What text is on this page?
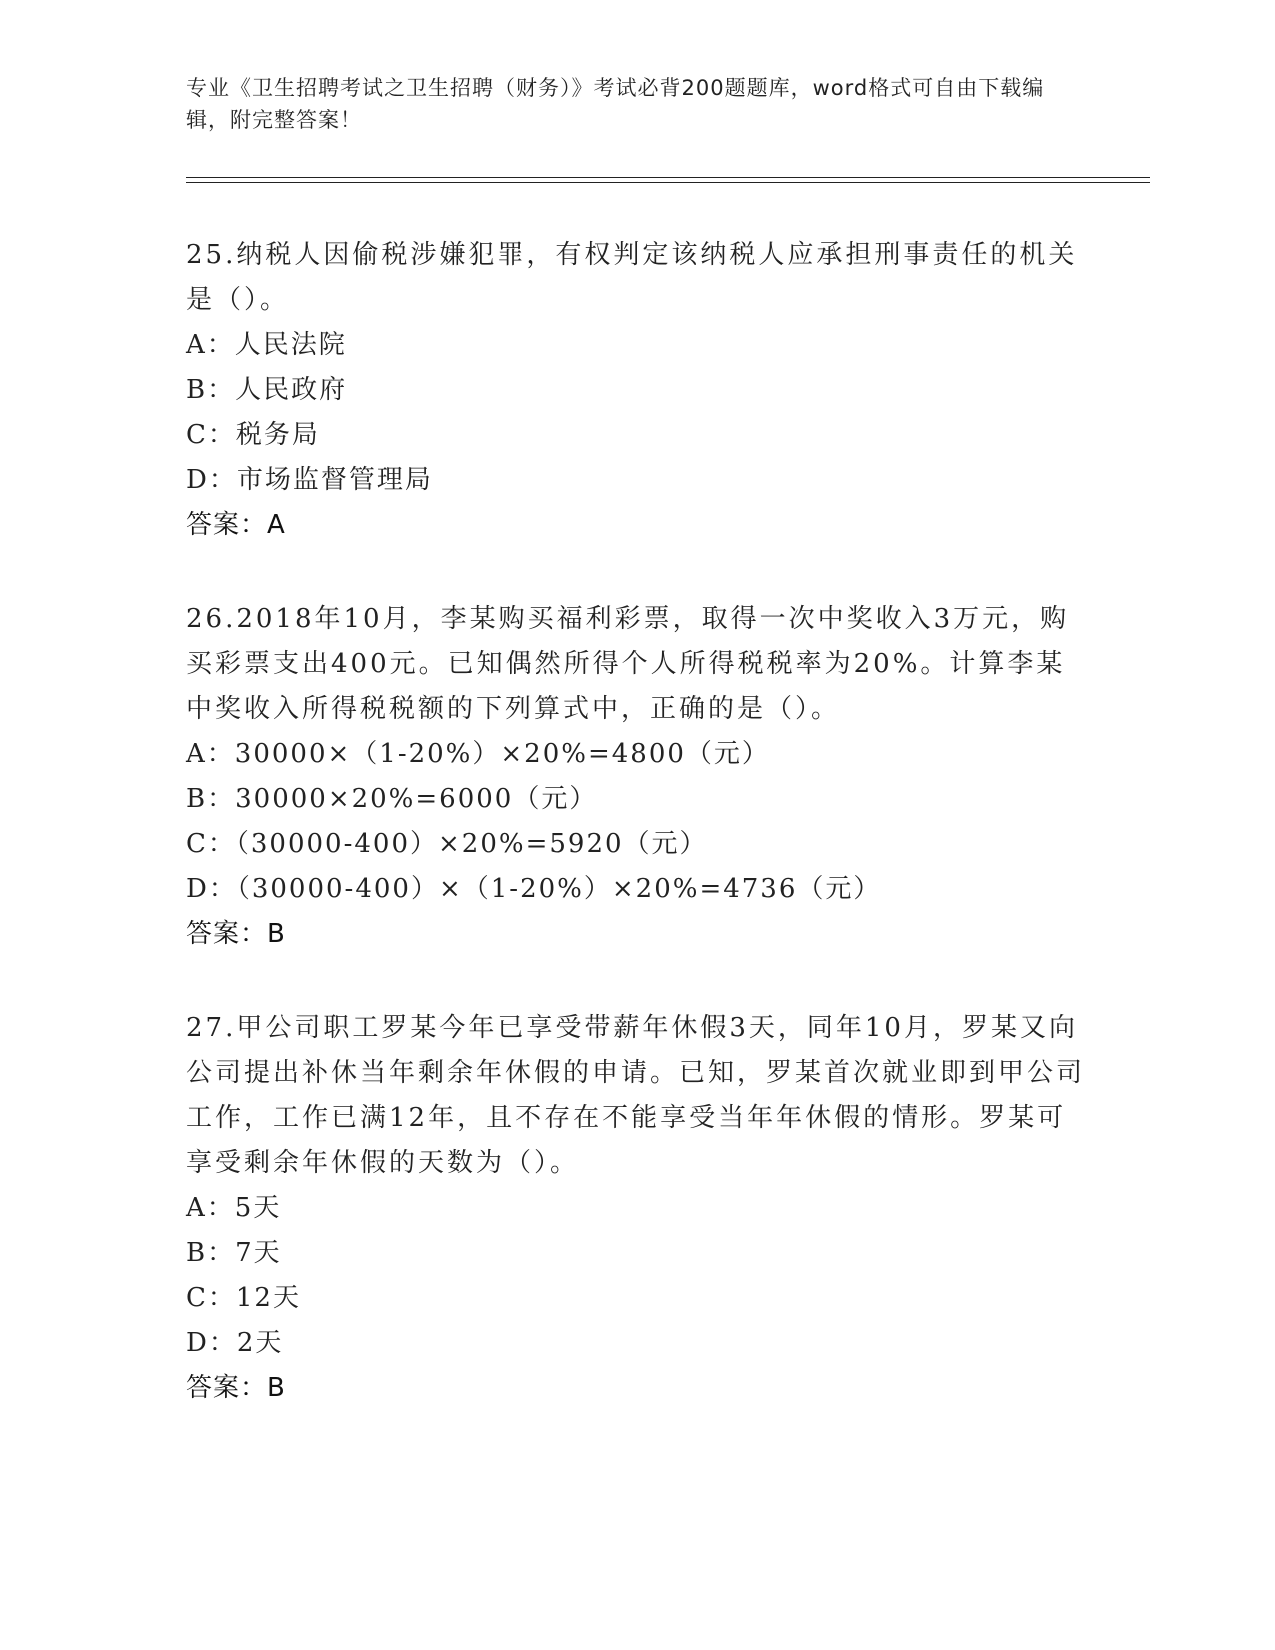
专业《卫生招聘考试之卫生招聘（财务）》考试必背200题题库，word格式可自由下载编辑，附完整答案！
25.纳税人因偷税涉嫌犯罪，有权判定该纳税人应承担刑事责任的机关是（）。
A：人民法院
B：人民政府
C：税务局
D：市场监督管理局
答案：A
26.2018年10月，李某购买福利彩票，取得一次中奖收入3万元，购买彩票支出400元。已知偶然所得个人所得税税率为20%。计算李某中奖收入所得税税额的下列算式中，正确的是（）。
A：30000×（1-20%）×20%=4800（元）
B：30000×20%=6000（元）
C：（30000-400）×20%=5920（元）
D：（30000-400）×（1-20%）×20%=4736（元）
答案：B
27.甲公司职工罗某今年已享受带薪年休假3天，同年10月，罗某又向公司提出补休当年剩余年休假的申请。已知，罗某首次就业即到甲公司工作，工作已满12年，且不存在不能享受当年年休假的情形。罗某可享受剩余年休假的天数为（）。
A：5天
B：7天
C：12天
D：2天
答案：B
